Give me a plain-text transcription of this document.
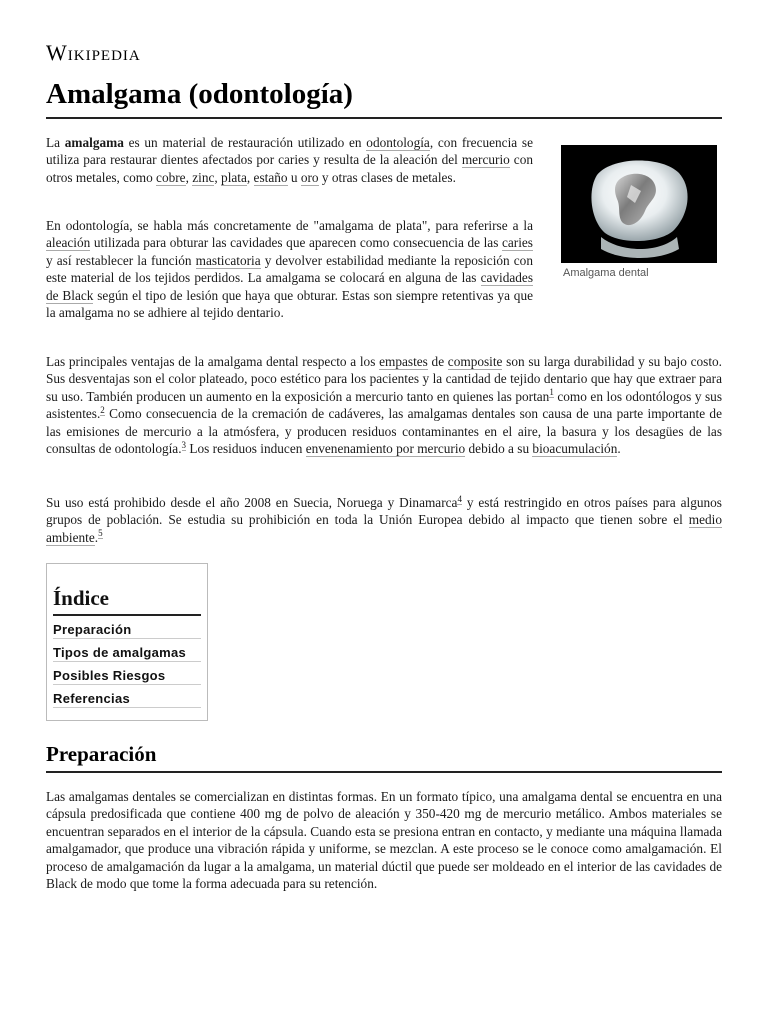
Wikipedia
Amalgama (odontología)
Amalgama dental

La amalgama es un material de restauración utilizado en odontología, con frecuencia se utiliza para restaurar dientes afectados por caries y resulta de la aleación del mercurio con otros metales, como cobre, zinc, plata, estaño u oro y otras clases de metales.

En odontología, se habla más concretamente de "amalgama de plata", para referirse a la aleación utilizada para obturar las cavidades que aparecen como consecuencia de las caries y así restablecer la función masticatoria y devolver estabilidad mediante la reposición con este material de los tejidos perdidos. La amalgama se colocará en alguna de las cavidades de Black según el tipo de lesión que haya que obturar. Estas son siempre retentivas ya que la amalgama no se adhiere al tejido dentario.

Las principales ventajas de la amalgama dental respecto a los empastes de composite son su larga durabilidad y su bajo costo. Sus desventajas son el color plateado, poco estético para los pacientes y la cantidad de tejido dentario que hay que extraer para su uso. También producen un aumento en la exposición a mercurio tanto en quienes las portan$^1$ como en los odontólogos y sus asistentes.$^2$ Como consecuencia de la cremación de cadáveres, las amalgamas dentales son causa de una parte importante de las emisiones de mercurio a la atmósfera, y producen residuos contaminantes en el aire, la basura y los desagües de las consultas de odontología.$^3$ Los residuos inducen envenenamiento por mercurio debido a su bioacumulación.

Su uso está prohibido desde el año 2008 en Suecia, Noruega y Dinamarca$^4$ y está restringido en otros países para algunos grupos de población. Se estudia su prohibición en toda la Unión Europea debido al impacto que tienen sobre el medio ambiente.$^5$

Índice
Preparación
Tipos de amalgamas
Posibles Riesgos
Referencias
Preparación

Las amalgamas dentales se comercializan en distintas formas. En un formato típico, una amalgama dental se encuentra en una cápsula predosificada que contiene 400 mg de polvo de aleación y 350-420 mg de mercurio metálico. Ambos materiales se encuentran separados en el interior de la cápsula. Cuando esta se presiona entran en contacto, y mediante una máquina llamada amalgamador, que produce una vibración rápida y uniforme, se mezclan. A este proceso se le conoce como amalgamación. El proceso de amalgamación da lugar a la amalgama, un material dúctil que puede ser moldeado en el interior de las cavidades de Black de modo que tome la forma adecuada para su retención.
